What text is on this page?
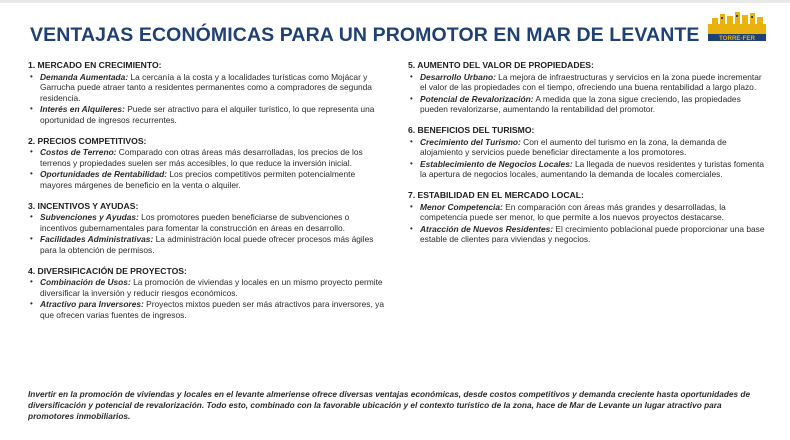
VENTAJAS ECONÓMICAS PARA UN PROMOTOR EN MAR DE LEVANTE	TORRE-FER
1. MERCADO EN CRECIMIENTO:
• Demanda Aumentada: La cercanía a la costa y a localidades turísticas como Mojácar y Garrucha puede atraer tanto a residentes permanentes como a compradores de segunda residencia.
• Interés en Alquileres: Puede ser atractivo para el alquiler turístico, lo que representa una oportunidad de ingresos recurrentes.
2. PRECIOS COMPETITIVOS:
• Costos de Terreno: Comparado con otras áreas más desarrolladas, los precios de los terrenos y propiedades suelen ser más accesibles, lo que reduce la inversión inicial.
• Oportunidades de Rentabilidad: Los precios competitivos permiten potencialmente mayores márgenes de beneficio en la venta o alquiler.
3. INCENTIVOS Y AYUDAS:
• Subvenciones y Ayudas: Los promotores pueden beneficiarse de subvenciones o incentivos gubernamentales para fomentar la construcción en áreas en desarrollo.
• Facilidades Administrativas: La administración local puede ofrecer procesos más ágiles para la obtención de permisos.
4. DIVERSIFICACIÓN DE PROYECTOS:
• Combinación de Usos: La promoción de viviendas y locales en un mismo proyecto permite diversificar la inversión y reducir riesgos económicos.
• Atractivo para Inversores: Proyectos mixtos pueden ser más atractivos para inversores, ya que ofrecen varias fuentes de ingresos.
5. AUMENTO DEL VALOR DE PROPIEDADES:
• Desarrollo Urbano: La mejora de infraestructuras y servicios en la zona puede incrementar el valor de las propiedades con el tiempo, ofreciendo una buena rentabilidad a largo plazo.
• Potencial de Revalorización: A medida que la zona sigue creciendo, las propiedades pueden revalorizarse, aumentando la rentabilidad del promotor.
6. BENEFICIOS DEL TURISMO:
• Crecimiento del Turismo: Con el aumento del turismo en la zona, la demanda de alojamiento y servicios puede beneficiar directamente a los promotores.
• Establecimiento de Negocios Locales: La llegada de nuevos residentes y turistas fomenta la apertura de negocios locales, aumentando la demanda de locales comerciales.
7. ESTABILIDAD EN EL MERCADO LOCAL:
• Menor Competencia: En comparación con áreas más grandes y desarrolladas, la competencia puede ser menor, lo que permite a los nuevos proyectos destacarse.
• Atracción de Nuevos Residentes: El crecimiento poblacional puede proporcionar una base estable de clientes para viviendas y negocios.

Invertir en la promoción de viviendas y locales en el levante almeriense ofrece diversas ventajas económicas, desde costos competitivos y demanda creciente hasta oportunidades de diversificación y potencial de revalorización. Todo esto, combinado con la favorable ubicación y el contexto turístico de la zona, hace de Mar de Levante un lugar atractivo para promotores inmobiliarios.
